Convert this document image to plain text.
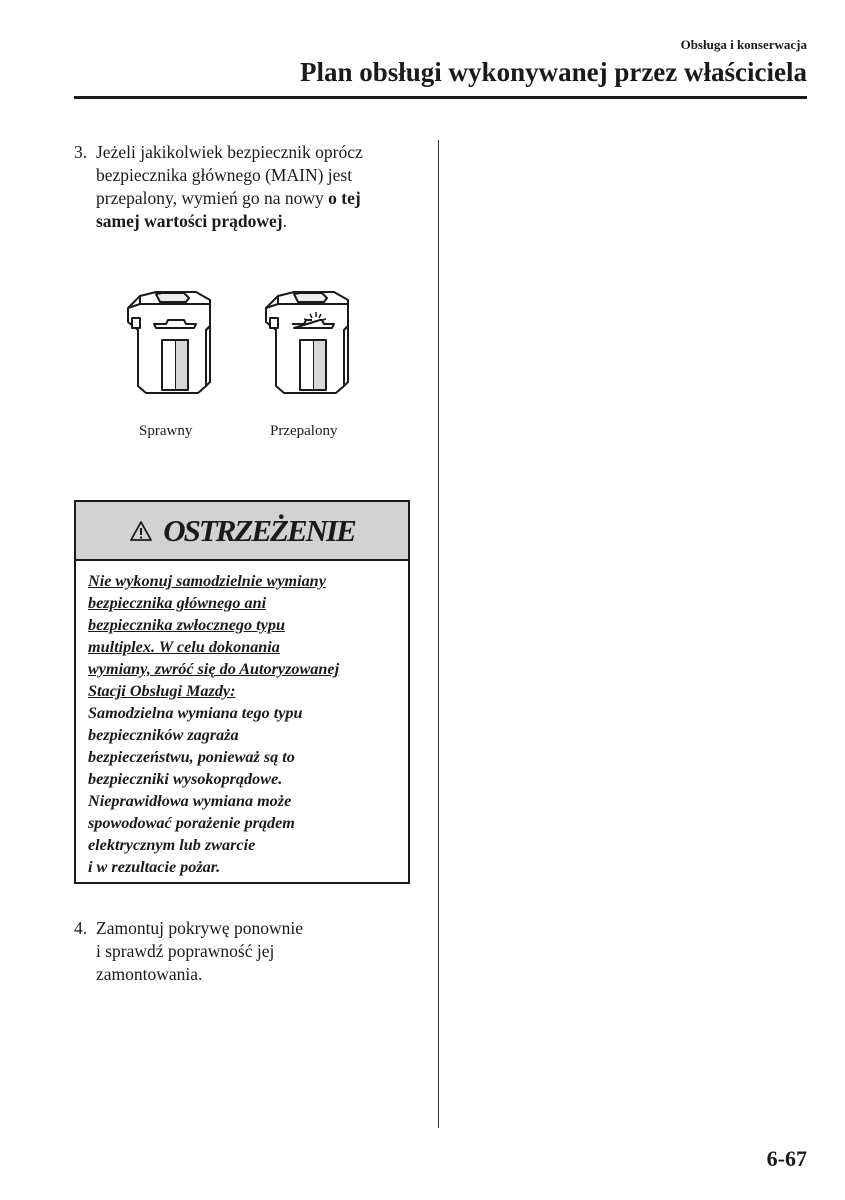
Obsługa i konserwacja
Plan obsługi wykonywanej przez właściciela
3. Jeżeli jakikolwiek bezpiecznik oprócz
bezpiecznika głównego (MAIN) jest
przepalony, wymień go na nowy o tej
samej wartości prądowej.
Sprawny	Przepalony
OSTRZEŻENIE
Nie wykonuj samodzielnie wymiany
bezpiecznika głównego ani
bezpiecznika zwłocznego typu
multiplex. W celu dokonania
wymiany, zwróć się do Autoryzowanej
Stacji Obsługi Mazdy:
Samodzielna wymiana tego typu
bezpieczników zagraża
bezpieczeństwu, ponieważ są to
bezpieczniki wysokoprądowe.
Nieprawidłowa wymiana może
spowodować porażenie prądem
elektrycznym lub zwarcie
i w rezultacie pożar.
4. Zamontuj pokrywę ponownie
i sprawdź poprawność jej
zamontowania.
6-67
